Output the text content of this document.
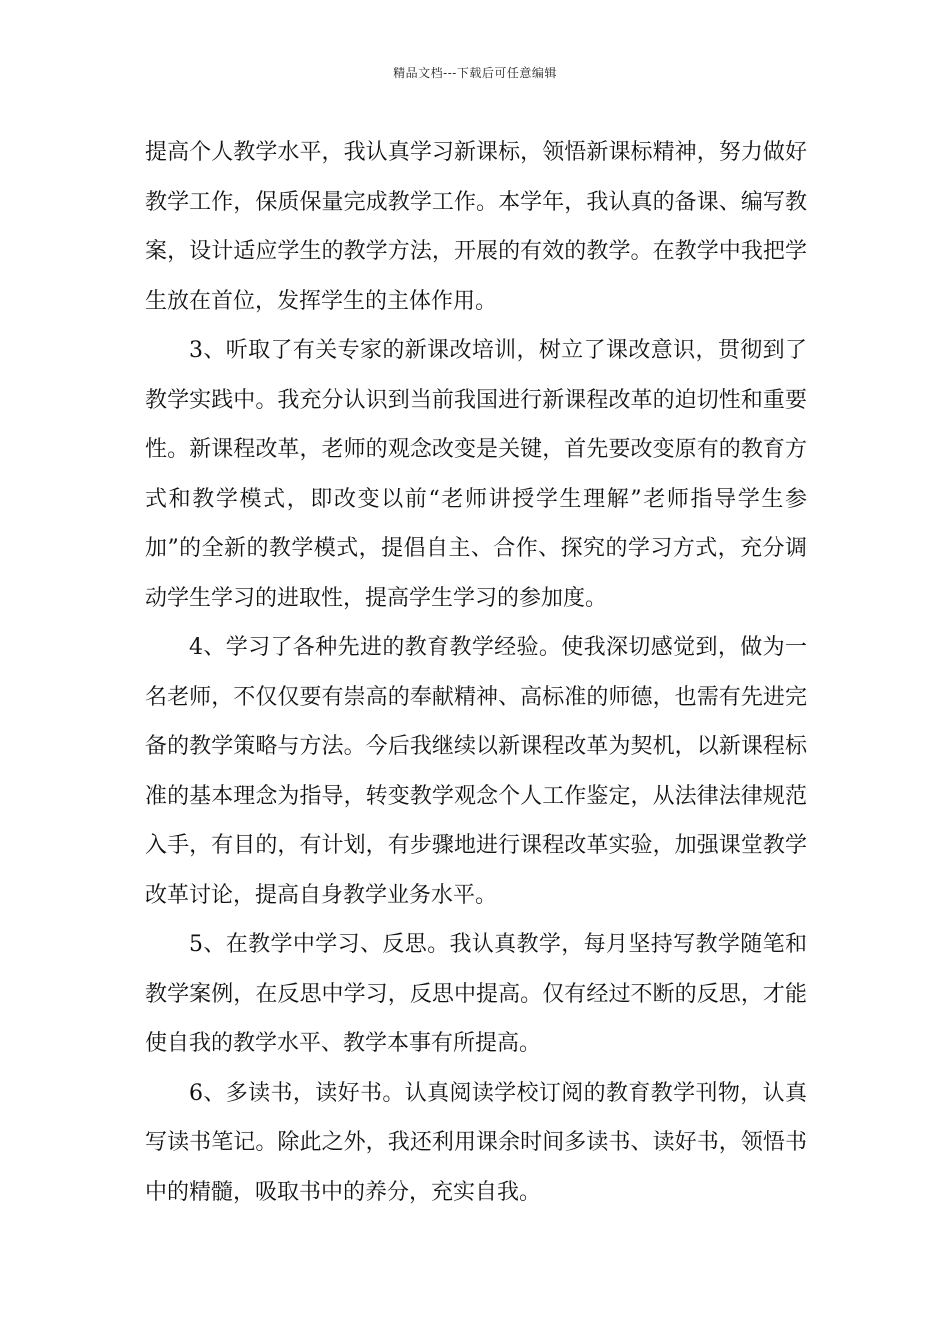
精品文档---下载后可任意编辑

提高个人教学水平，我认真学习新课标，领悟新课标精神，努力做好教学工作，保质保量完成教学工作。本学年，我认真的备课、编写教案，设计适应学生的教学方法，开展的有效的教学。在教学中我把学生放在首位，发挥学生的主体作用。

3、听取了有关专家的新课改培训，树立了课改意识，贯彻到了教学实践中。我充分认识到当前我国进行新课程改革的迫切性和重要性。新课程改革，老师的观念改变是关键，首先要改变原有的教育方式和教学模式，即改变以前“老师讲授学生理解”老师指导学生参加”的全新的教学模式，提倡自主、合作、探究的学习方式，充分调动学生学习的进取性，提高学生学习的参加度。

4、学习了各种先进的教育教学经验。使我深切感觉到，做为一名老师，不仅仅要有崇高的奉献精神、高标准的师德，也需有先进完备的教学策略与方法。今后我继续以新课程改革为契机，以新课程标准的基本理念为指导，转变教学观念个人工作鉴定，从法律法律规范入手，有目的，有计划，有步骤地进行课程改革实验，加强课堂教学改革讨论，提高自身教学业务水平。

5、在教学中学习、反思。我认真教学，每月坚持写教学随笔和教学案例，在反思中学习，反思中提高。仅有经过不断的反思，才能使自我的教学水平、教学本事有所提高。

6、多读书，读好书。认真阅读学校订阅的教育教学刊物，认真写读书笔记。除此之外，我还利用课余时间多读书、读好书，领悟书中的精髓，吸取书中的养分，充实自我。
